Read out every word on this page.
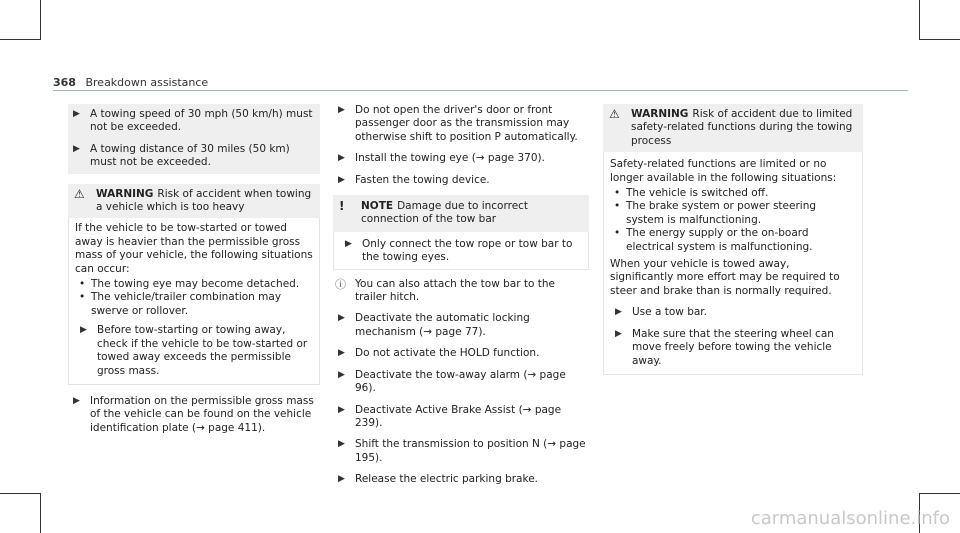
368 Breakdown assistance
▶ A towing speed of 30 mph (50 km/h) must not be exceeded.
▶ A towing distance of 30 miles (50 km) must not be exceeded.
⚠	WARNING Risk of accident when towing a vehicle which is too heavy
If the vehicle to be tow-started or towed away is heavier than the permissible gross mass of your vehicle, the following situations can occur:
• The towing eye may become detached.
• The vehicle/trailer combination may swerve or rollover.
▶ Before tow-starting or towing away, check if the vehicle to be tow-started or towed away exceeds the permissible gross mass.
▶ Information on the permissible gross mass of the vehicle can be found on the vehicle identification plate (→ page 411).
▶ Do not open the driver's door or front passenger door as the transmission may otherwise shift to position P automatically.
▶ Install the towing eye (→ page 370).
▶ Fasten the towing device.
!	NOTE Damage due to incorrect connection of the tow bar
▶ Only connect the tow rope or tow bar to the towing eyes.
ⓘ You can also attach the tow bar to the trailer hitch.
▶ Deactivate the automatic locking mechanism (→ page 77).
▶ Do not activate the HOLD function.
▶ Deactivate the tow-away alarm (→ page 96).
▶ Deactivate Active Brake Assist (→ page 239).
▶ Shift the transmission to position N (→ page 195).
▶ Release the electric parking brake.
⚠	WARNING Risk of accident due to limited safety-related functions during the towing process
Safety-related functions are limited or no longer available in the following situations:
• The vehicle is switched off.
• The brake system or power steering system is malfunctioning.
• The energy supply or the on-board electrical system is malfunctioning.
When your vehicle is towed away, significantly more effort may be required to steer and brake than is normally required.
▶ Use a tow bar.
▶ Make sure that the steering wheel can move freely before towing the vehicle away.
carmanualsonline.info
